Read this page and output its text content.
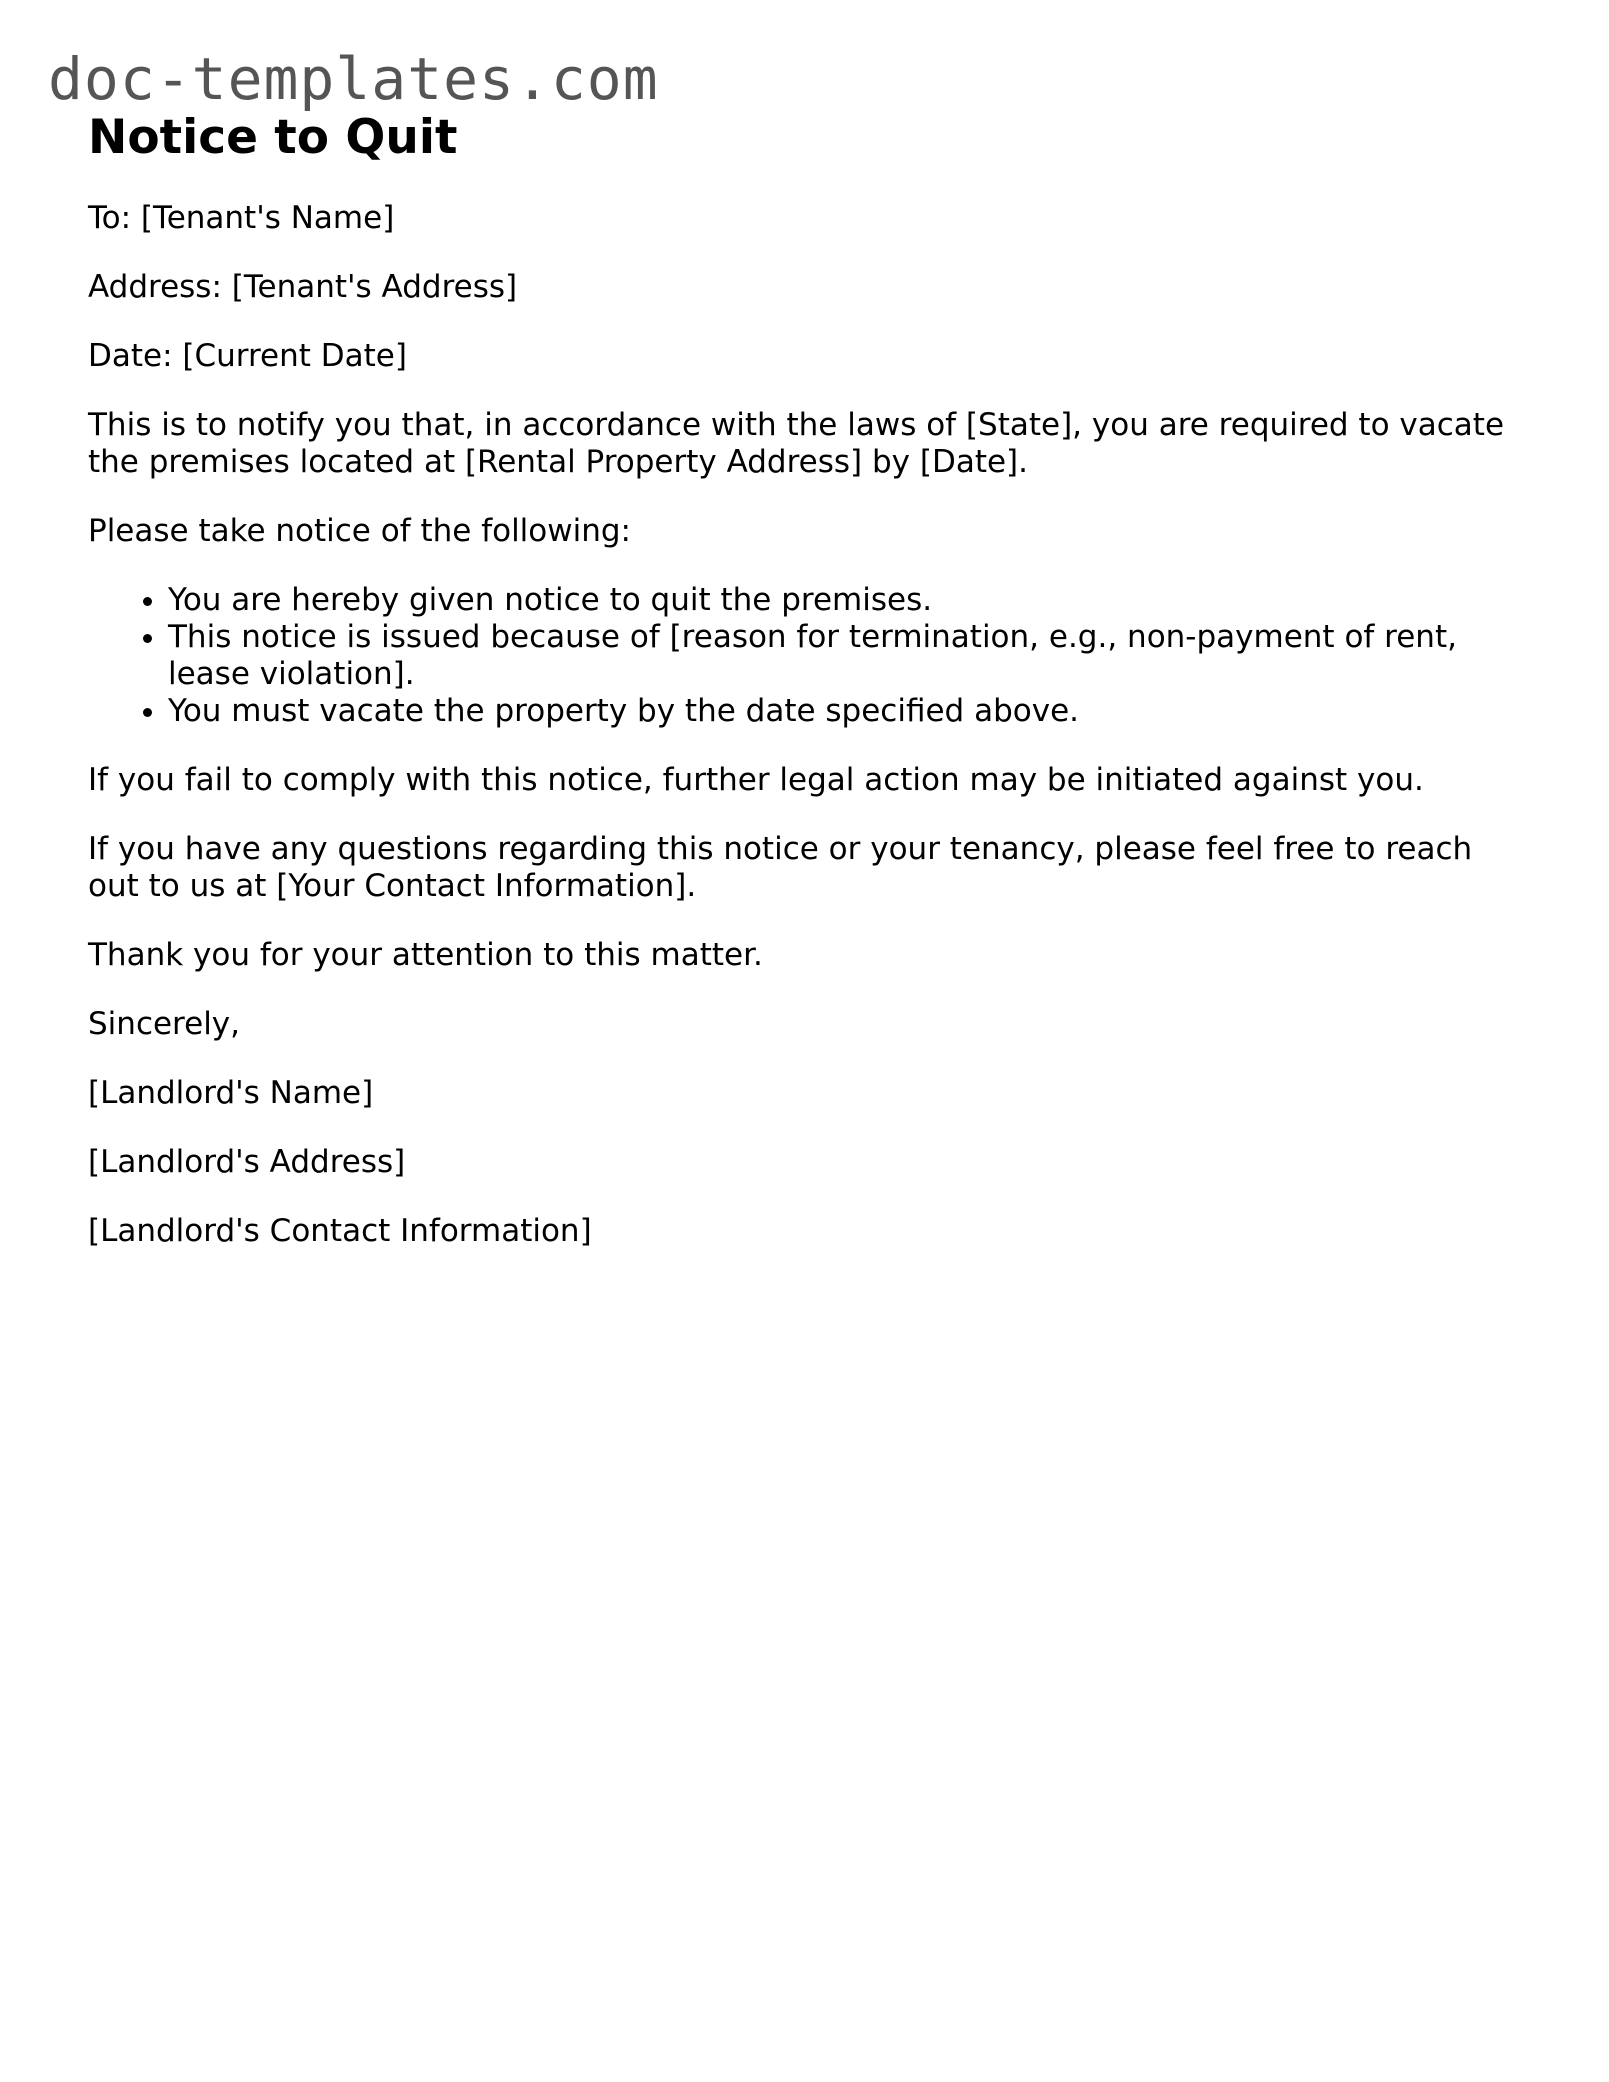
doc-templates.com
Notice to Quit

To: [Tenant's Name]

Address: [Tenant's Address]

Date: [Current Date]

This is to notify you that, in accordance with the laws of [State], you are required to vacate the premises located at [Rental Property Address] by [Date].

Please take notice of the following:

• You are hereby given notice to quit the premises.
• This notice is issued because of [reason for termination, e.g., non-payment of rent, lease violation].
• You must vacate the property by the date specified above.

If you fail to comply with this notice, further legal action may be initiated against you.

If you have any questions regarding this notice or your tenancy, please feel free to reach out to us at [Your Contact Information].

Thank you for your attention to this matter.

Sincerely,

[Landlord's Name]

[Landlord's Address]

[Landlord's Contact Information]
